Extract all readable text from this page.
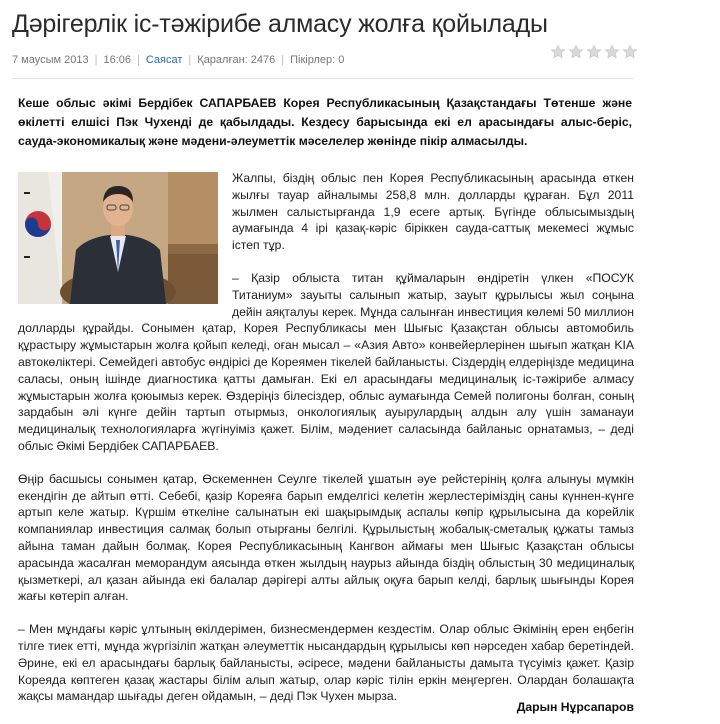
Дәрігерлік іс-тәжірибе алмасу жолға қойылады
7 маусым 2013 | 16:06 | Саясат | Қаралған: 2476 | Пікірлер: 0

Кеше облыс әкімі Бердібек САПАРБАЕВ Корея Республикасының Қазақстандағы Төтенше және өкілетті елшісі Пэк Чухенді де қабылдады. Кездесу барысында екі ел арасындағы алыс-беріс, сауда-экономикалық және мәдени-әлеуметтік мәселелер жөнінде пікір алмасылды.

Жалпы, біздің облыс пен Корея Республикасының арасында өткен жылғы тауар айналымы 258,8 млн. долларды құраған. Бұл 2011 жылмен салыстырғанда 1,9 есеге артық. Бүгінде облысымыздың аумағында 4 ірі қазақ-кәріс біріккен сауда-саттық мекемесі жұмыс істеп тұр.

– Қазір облыста титан құймаларын өндіретін үлкен «ПОСУК Титаниум» зауыты салынып жатыр, зауыт құрылысы жыл соңына дейін аяқталуы керек. Мұнда салынған инвестиция көлемі 50 миллион долларды құрайды. Сонымен қатар, Корея Республикасы мен Шығыс Қазақстан облысы автомобиль құрастыру жұмыстарын жолға қойып келеді, оған мысал – «Азия Авто» конвейерлерінен шығып жатқан KIA автокөліктері. Семейдегі автобус өндірісі де Кореямен тікелей байланысты. Сіздердің елдеріңізде медицина саласы, оның ішінде диагностика қатты дамыған. Екі ел арасындағы медициналық іс-тәжірибе алмасу жұмыстарын жолға қоюымыз керек. Өздеріңіз білесіздер, облыс аумағында Семей полигоны болған, соның зардабын әлі күнге дейін тартып отырмыз, онкологиялық ауырулардың алдын алу үшін заманауи медициналық технологияларға жүгінуіміз қажет. Білім, мәдениет саласында байланыс орнатамыз, – деді облыс Әкімі Бердібек САПАРБАЕВ.

Өңір басшысы сонымен қатар, Өскеменнен Сеулге тікелей ұшатын әуе рейстерінің қолға алынуы мүмкін екендігін де айтып өтті. Себебі, қазір Кореяға барып емделгісі келетін жерлестеріміздің саны күннен-күнге артып келе жатыр. Күршім өткеліне салынатын екі шақырымдық аспалы көпір құрылысына да корейлік компаниялар инвестиция салмақ болып отырғаны белгілі. Құрылыстың жобалық-сметалық құжаты тамыз айына таман дайын болмақ. Корея Республикасының Кангвон аймағы мен Шығыс Қазақстан облысы арасында жасалған меморандум аясында өткен жылдың наурыз айында біздің облыстың 30 медициналық қызметкері, ал қазан айында екі балалар дәрігері алты айлық оқуға барып келді, барлық шығынды Корея жағы көтеріп алған.

– Мен мұндағы кәріс ұлтының өкілдерімен, бизнесмендермен кездестім. Олар облыс Әкімінің ерен еңбегін тілге тиек етті, мұнда жүргізіліп жатқан әлеуметтік нысандардың құрылысы көп нәрседен хабар беретіндей. Әрине, екі ел арасындағы барлық байланысты, әсіресе, мәдени байланысты дамыта түсуіміз қажет. Қазір Кореяда көптеген қазақ жастары білім алып жатыр, олар кәріс тілін еркін меңгерген. Олардан болашақта жақсы мамандар шығады деген ойдамын, – деді Пэк Чухен мырза.

Дарын Нұрсапаров
